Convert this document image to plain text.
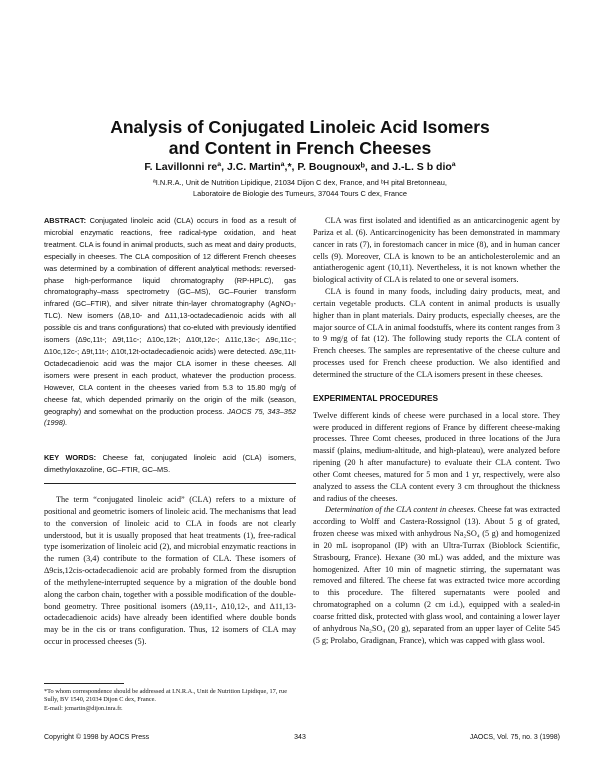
Analysis of Conjugated Linoleic Acid Isomers
and Content in French Cheeses
F. Lavillonni reª, J.C. Martinª,*, P. Bougnouxᵇ, and J.-L. S b dioª
ªI.N.R.A., Unit de Nutrition Lipidique, 21034 Dijon C dex, France, and ᵇH pital Bretonneau,
Laboratoire de Biologie des Tumeurs, 37044 Tours C dex, France

ABSTRACT: Conjugated linoleic acid (CLA) occurs in food as a result of microbial enzymatic reactions, free radical-type oxidation, and heat treatment. CLA is found in animal products, such as meat and dairy products, especially in cheeses. The CLA composition of 12 different French cheeses was determined by a combination of different analytical methods: reversed-phase high-performance liquid chromatography (RP-HPLC), gas chromatography–mass spectrometry (GC–MS), GC–Fourier transform infrared (GC–FTIR), and silver nitrate thin-layer chromatography (AgNO₃-TLC). New isomers (Δ8,10- and Δ11,13-octadecadienoic acids with all possible cis and trans configurations) that co-eluted with previously identified isomers (Δ9c,11t-; Δ9t,11c-; Δ10c,12t-; Δ10t,12c-; Δ11c,13c-; Δ9c,11c-; Δ10c,12c-; Δ9t,11t-; Δ10t,12t-octadecadienoic acids) were detected. Δ9c,11t-Octadecadienoic acid was the major CLA isomer in these cheeses. All isomers were present in each product, whatever the production process. However, CLA content in the cheeses varied from 5.3 to 15.80 mg/g of cheese fat, which depended primarily on the origin of the milk (season, geography) and somewhat on the production process. JAOCS 75, 343–352 (1998).

KEY WORDS: Cheese fat, conjugated linoleic acid (CLA) isomers, dimethyloxazoline, GC–FTIR, GC–MS.

The term “conjugated linoleic acid” (CLA) refers to a mixture of positional and geometric isomers of linoleic acid. The mechanisms that lead to the conversion of linoleic acid to CLA in foods are not clearly understood, but it is usually proposed that heat treatments (1), free-radical type isomerization of linoleic acid (2), and microbial enzymatic reactions in the rumen (3,4) contribute to the formation of CLA. These isomers of Δ9cis,12cis-octadecadienoic acid are probably formed from the disruption of the methylene-interrupted sequence by a migration of the double bond along the carbon chain, together with a possible modification of the double-bond geometry. Three positional isomers (Δ9,11-, Δ10,12-, and Δ11,13-octadecadienoic acids) have already been identified where double bonds may be in the cis or trans configuration. Thus, 12 isomers of CLA may occur in processed cheeses (5).

*To whom correspondence should be addressed at I.N.R.A., Unit de Nutrition Lipidique, 17, rue Sully, BV 1540, 21034 Dijon C dex, France.
E-mail: jcmartin@dijon.inra.fr.

CLA was first isolated and identified as an anticarcinogenic agent by Pariza et al. (6). Anticarcinogenicity has been demonstrated in mammary cancer in rats (7), in forestomach cancer in mice (8), and in human cancer cells (9). Moreover, CLA is known to be an anticholesterolemic and an antiatherogenic agent (10,11). Nevertheless, it is not known whether the biological activity of CLA is related to one or several isomers.

CLA is found in many foods, including dairy products, meat, and certain vegetable products. CLA content in animal products is usually higher than in plant materials. Dairy products, especially cheeses, are the major source of CLA in animal foodstuffs, where its content ranges from 3 to 9 mg/g of fat (12). The following study reports the CLA content of French cheeses. The samples are representative of the cheese culture and processes used for French cheese production. We also identified and determined the structure of the CLA isomers present in these cheeses.

EXPERIMENTAL PROCEDURES

Twelve different kinds of cheese were purchased in a local store. They were produced in different regions of France by different cheese-making processes. Three Comt cheeses, produced in three locations of the Jura massif (plains, medium-altitude, and high-plateau), were analyzed before ripening (20 h after manufacture) to evaluate their CLA content. Two other Comt cheeses, matured for 5 mon and 1 yr, respectively, were also analyzed to assess the CLA content every 3 cm throughout the thickness and radius of the cheeses.

Determination of the CLA content in cheeses. Cheese fat was extracted according to Wolff and Castera-Rossignol (13). About 5 g of grated, frozen cheese was mixed with anhydrous Na₂SO₄ (5 g) and homogenized in 20 mL isopropanol (IP) with an Ultra-Turrax (Bioblock Scientific, Strasbourg, France). Hexane (30 mL) was added, and the mixture was homogenized. After 10 min of magnetic stirring, the supernatant was removed and filtered. The cheese fat was extracted twice more according to this procedure. The filtered supernatants were pooled and chromatographed on a column (2 cm i.d.), equipped with a sealed-in coarse fritted disk, protected with glass wool, and containing a lower layer of anhydrous Na₂SO₄ (20 g), separated from an upper layer of Celite 545 (5 g; Prolabo, Gradignan, France), which was capped with glass wool.

Copyright © 1998 by AOCS Press	343	JAOCS, Vol. 75, no. 3 (1998)
